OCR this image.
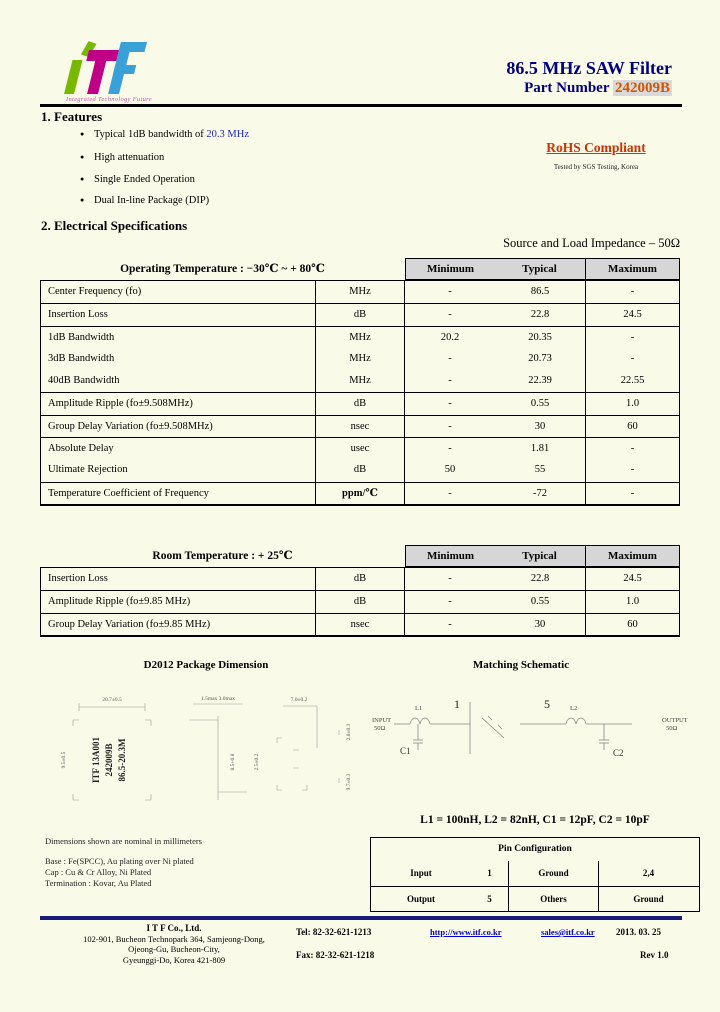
Integrated Technology Future
86.5 MHz SAW Filter
Part Number 242009B
1. Features
● Typical 1dB bandwidth of 20.3 MHz
● High attenuation
● Single Ended Operation
● Dual In-line Package (DIP)
RoHS Compliant
Tested by SGS Testing, Korea
2. Electrical Specifications
Source and Load Impedance – 50Ω
Operating Temperature : −30℃ ~ + 80℃	Minimum	Typical	Maximum
Center Frequency (fo)	MHz	-	86.5	-
Insertion Loss	dB	-	22.8	24.5
1dB Bandwidth	MHz	20.2	20.35	-
3dB Bandwidth	MHz	-	20.73	-
40dB Bandwidth	MHz	-	22.39	22.55
Amplitude Ripple (fo±9.508MHz)	dB	-	0.55	1.0
Group Delay Variation (fo±9.508MHz)	nsec	-	30	60
Absolute Delay	usec	-	1.81	-
Ultimate Rejection	dB	50	55	-
Temperature Coefficient of Frequency	ppm/℃	-	-72	-
Room Temperature : + 25℃	Minimum	Typical	Maximum
Insertion Loss	dB	-	22.8	24.5
Amplitude Ripple (fo±9.85 MHz)	dB	-	0.55	1.0
Group Delay Variation (fo±9.85 MHz)	nsec	-	30	60
D2012 Package Dimension	Matching Schematic
20.7±0.5
9.5±0.5
1.5max 3.0max
8.5+0.8	2.5±0.2
7.0±0.2
2.8±0.3
9.7±0.3
ITF 13A001 242009B 86.5-20.3M
INPUT
50Ω
OUTPUT
50Ω
L1	L2
C1	C2
1	5
L1 = 100nH, L2 = 82nH, C1 = 12pF, C2 = 10pF
Pin Configuration
Input	1	Ground	2,4
Output	5	Others	Ground
Dimensions shown are nominal in millimeters
Base : Fe(SPCC), Au plating over Ni plated
Cap : Cu & Cr Alloy, Ni Plated
Termination : Kovar, Au Plated
I T F Co., Ltd.
102-901, Bucheon Technopark 364, Samjeong-Dong,
Ojeong-Gu, Bucheon-City,
Gyeunggi-Do, Korea 421-809
Tel: 82-32-621-1213
Fax: 82-32-621-1218
http://www.itf.co.kr	sales@itf.co.kr 2013. 03. 25
Rev 1.0
